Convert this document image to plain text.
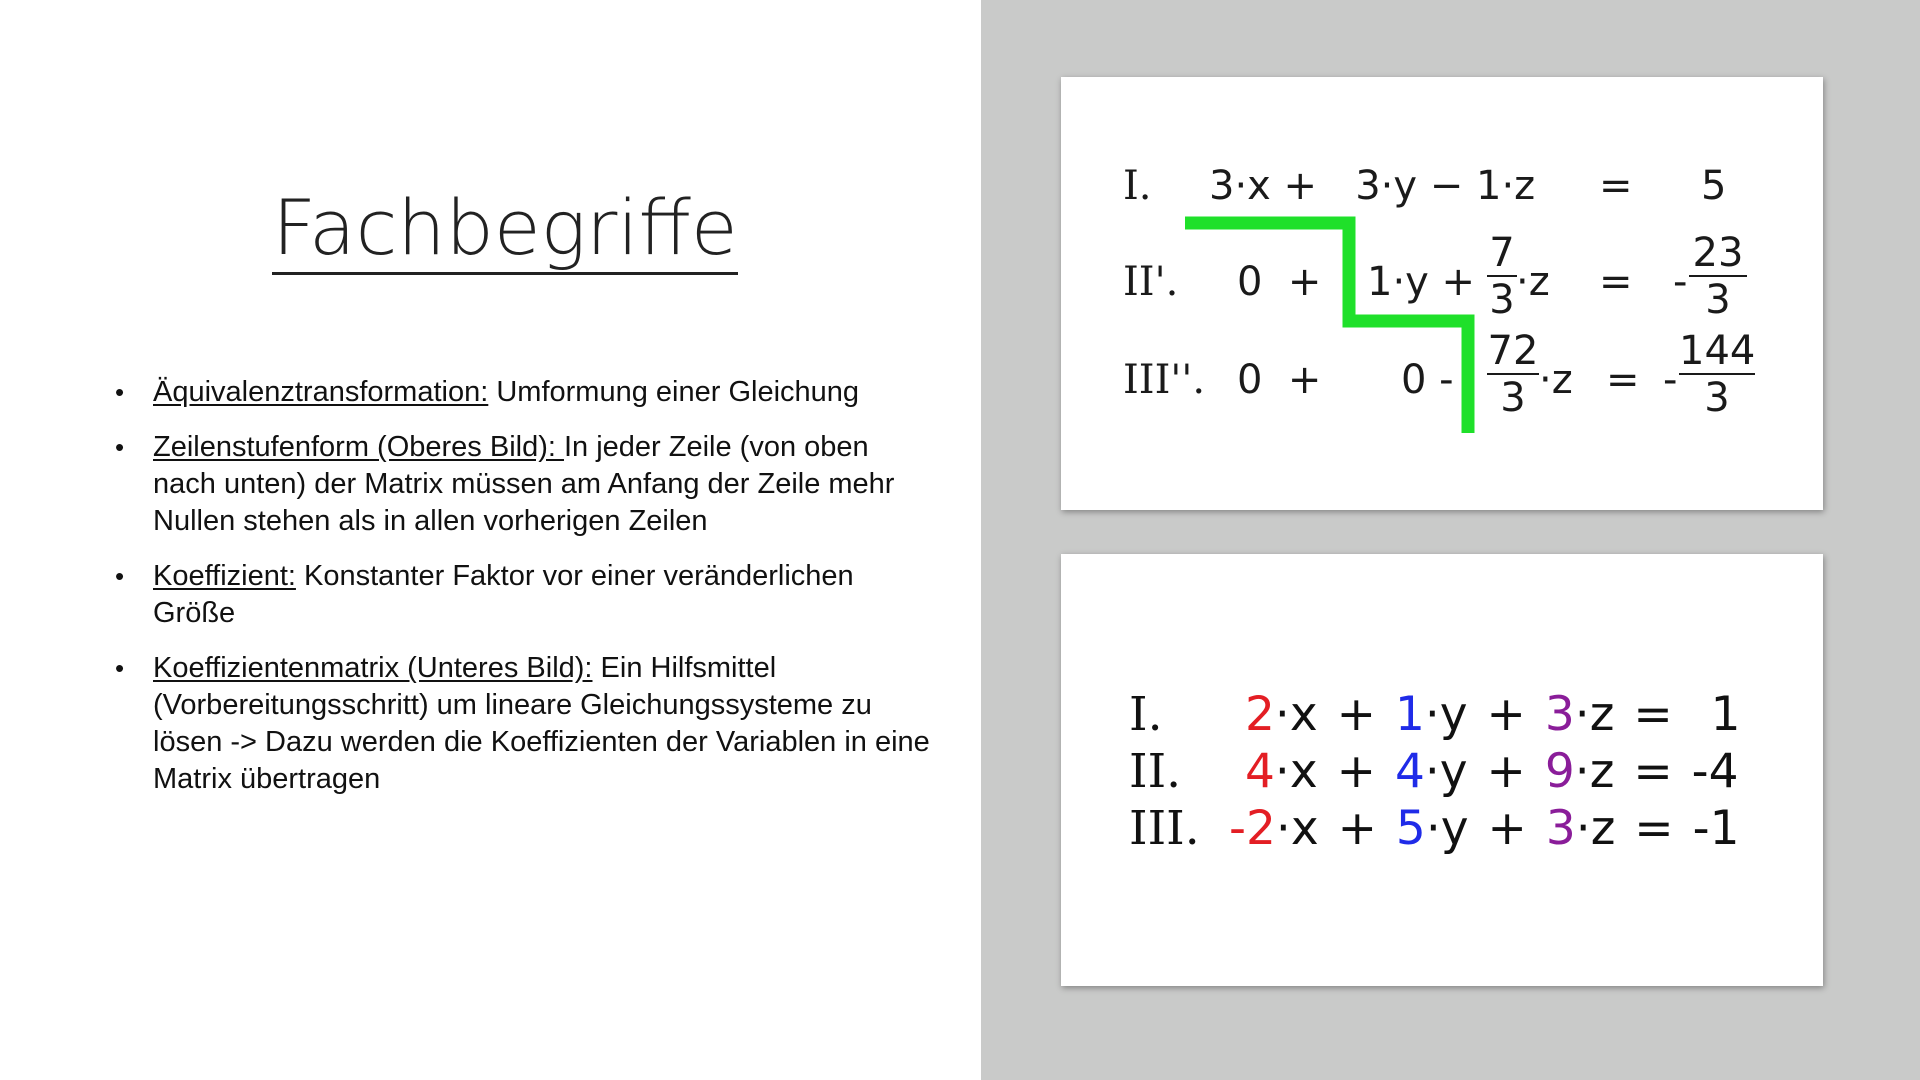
Fachbegriffe
• Äquivalenztransformation: Umformung einer Gleichung
• Zeilenstufenform (Oberes Bild): In jeder Zeile (von oben nach unten) der Matrix müssen am Anfang der Zeile mehr Nullen stehen als in allen vorherigen Zeilen
• Koeffizient: Konstanter Faktor vor einer veränderlichen Größe
• Koeffizientenmatrix (Unteres Bild): Ein Hilfsmittel (Vorbereitungsschritt) um lineare Gleichungssysteme zu lösen -> Dazu werden die Koeffizienten der Variablen in eine Matrix übertragen
I. 3·x +   3·y − 1·z = 5
II'. $0 + 1\cdot y + \frac{7}{3} \cdot z$ = - $\frac{23}{3}$
III''. $0 + 0 - \frac{72}{3} \cdot z$ = - $\frac{144}{3}$
I. 2·x + 1·y + 3·z = 1
II. 4·x + 4·y + 9·z = -4
III. -2·x + 5·y + 3·z = -1
